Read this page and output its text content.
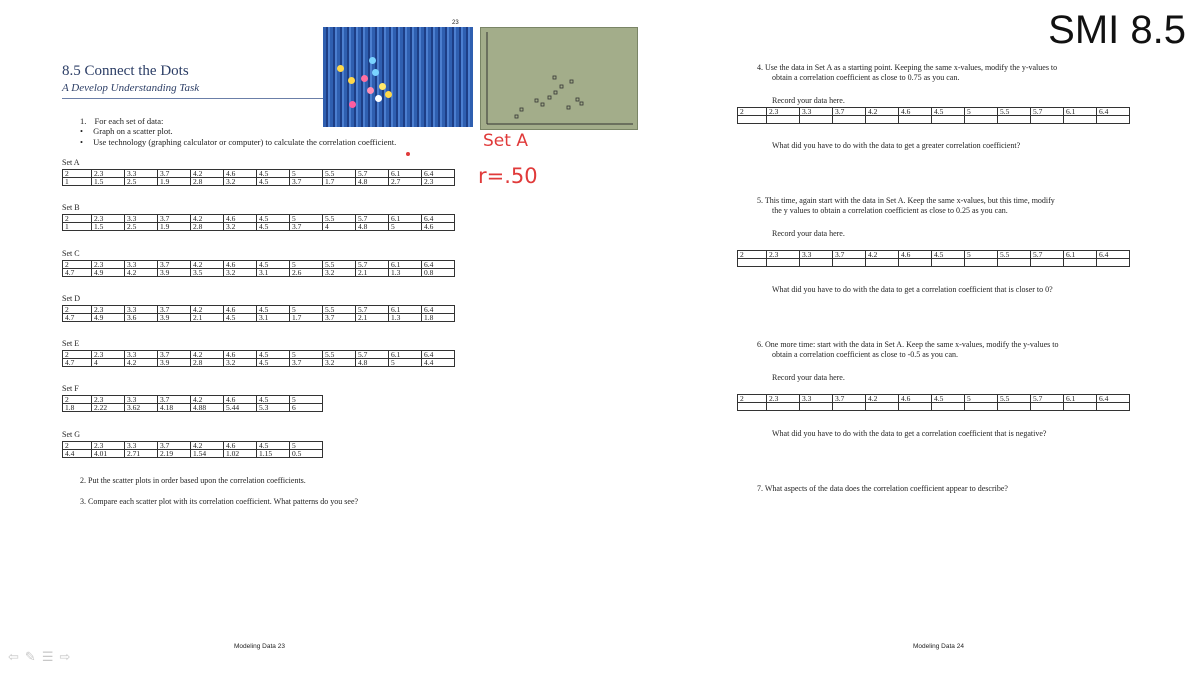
8.5 Connect the Dots
A Develop Understanding Task
23	SMI 8.5
Set A
r=.50
1. For each set of data:
• Graph on a scatter plot.
• Use technology (graphing calculator or computer) to calculate the correlation coefficient.
Set A
2	2.3	3.3	3.7	4.2	4.6	4.5	5	5.5	5.7	6.1	6.4
1	1.5	2.5	1.9	2.8	3.2	4.5	3.7	1.7	4.8	2.7	2.3
Set B
2	2.3	3.3	3.7	4.2	4.6	4.5	5	5.5	5.7	6.1	6.4
1	1.5	2.5	1.9	2.8	3.2	4.5	3.7	4	4.8	5	4.6
Set C
2	2.3	3.3	3.7	4.2	4.6	4.5	5	5.5	5.7	6.1	6.4
4.7	4.9	4.2	3.9	3.5	3.2	3.1	2.6	3.2	2.1	1.3	0.8
Set D
2	2.3	3.3	3.7	4.2	4.6	4.5	5	5.5	5.7	6.1	6.4
4.7	4.9	3.6	3.9	2.1	4.5	3.1	1.7	3.7	2.1	1.3	1.8
Set E
2	2.3	3.3	3.7	4.2	4.6	4.5	5	5.5	5.7	6.1	6.4
4.7	4	4.2	3.9	2.8	3.2	4.5	3.7	3.2	4.8	5	4.4
Set F
2	2.3	3.3	3.7	4.2	4.6	4.5	5
1.8	2.22	3.62	4.18	4.88	5.44	5.3	6
Set G
2	2.3	3.3	3.7	4.2	4.6	4.5	5
4.4	4.01	2.71	2.19	1.54	1.02	1.15	0.5
2. Put the scatter plots in order based upon the correlation coefficients.
3. Compare each scatter plot with its correlation coefficient. What patterns do you see?
4. Use the data in Set A as a starting point. Keeping the same x-values, modify the y-values to
obtain a correlation coefficient as close to 0.75 as you can.
Record your data here.
What did you have to do with the data to get a greater correlation coefficient?
5. This time, again start with the data in Set A. Keep the same x-values, but this time, modify
the y values to obtain a correlation coefficient as close to 0.25 as you can.
Record your data here.
What did you have to do with the data to get a correlation coefficient that is closer to 0?
6. One more time: start with the data in Set A. Keep the same x-values, modify the y-values to
obtain a correlation coefficient as close to -0.5 as you can.
Record your data here.
What did you have to do with the data to get a correlation coefficient that is negative?
7. What aspects of the data does the correlation coefficient appear to describe?
2	2.3	3.3	3.7	4.2	4.6	4.5	5	5.5	5.7	6.1	6.4

2	2.3	3.3	3.7	4.2	4.6	4.5	5	5.5	5.7	6.1	6.4

2	2.3	3.3	3.7	4.2	4.6	4.5	5	5.5	5.7	6.1	6.4

Modeling Data 23	Modeling Data 24
⇦✎☰⇨
